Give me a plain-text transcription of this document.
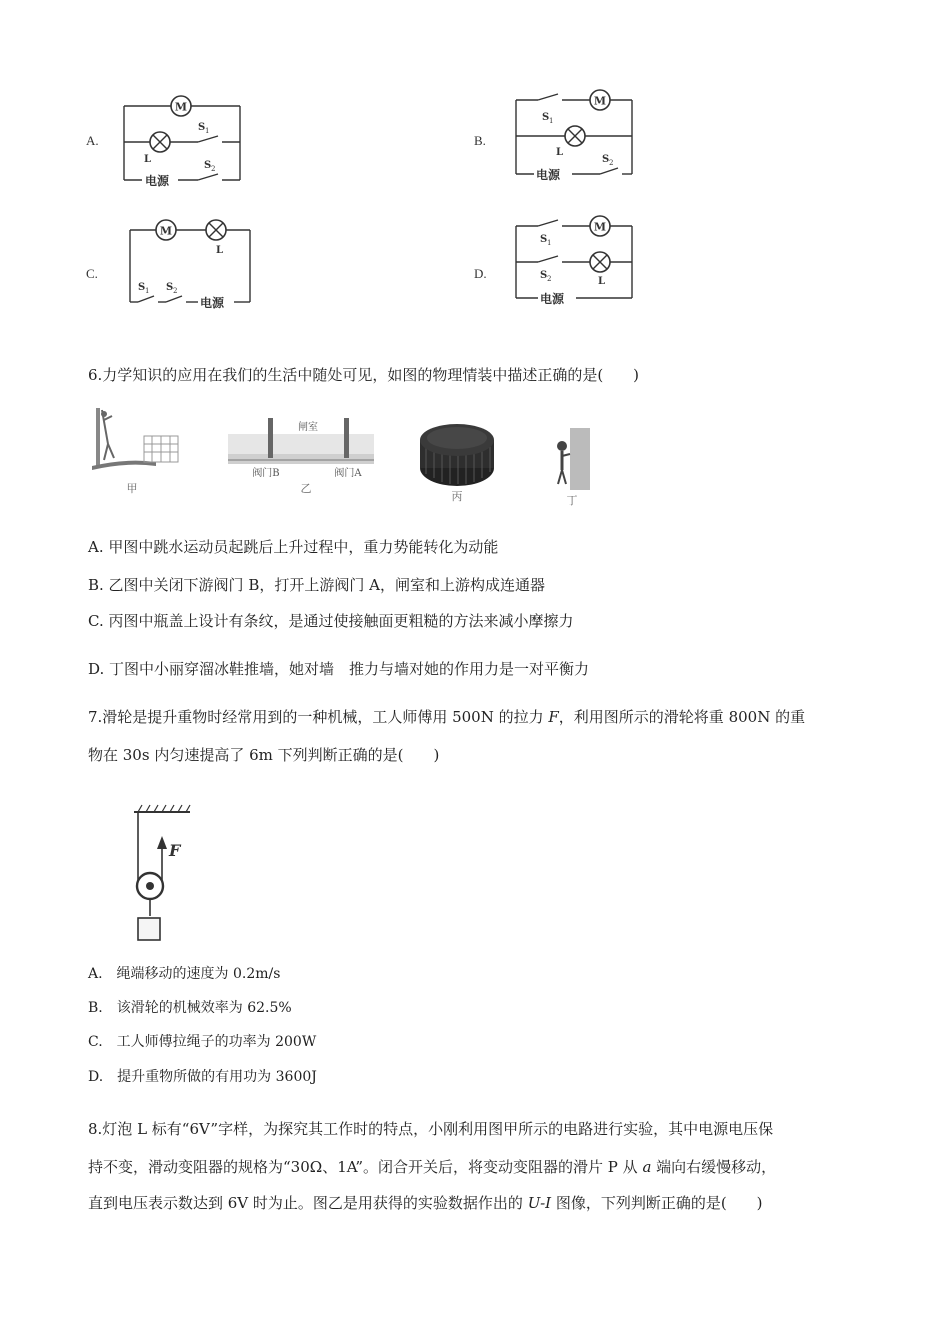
A.
M
L
S 1
S 2
电源
B.
M
L
S 1
S 2
电源
C.
M
L
S 1 S 2
电源
D.
M
L
S 1
S 2
电源
6.力学知识的应用在我们的生活中随处可见，如图的物理情装中描述正确的是(　　)
甲
闸室
阀门B	阀门A
乙
丙	丁
A. 甲图中跳水运动员起跳后上升过程中，重力势能转化为动能
B. 乙图中关闭下游阀门 B，打开上游阀门 A，闸室和上游构成连通器
C. 丙图中瓶盖上设计有条纹，是通过使接触面更粗糙的方法来减小摩擦力
D. 丁图中小丽穿溜冰鞋推墙，她对墙　推力与墙对她的作用力是一对平衡力
7.滑轮是提升重物时经常用到的一种机械，工人师傅用 500N 的拉力 F，利用图所示的滑轮将重 800N 的重
物在 30s 内匀速提高了 6m 下列判断正确的是(　　)
F
A.　绳端移动的速度为 0.2m/s
B.　该滑轮的机械效率为 62.5%
C.　工人师傅拉绳子的功率为 200W
D.　提升重物所做的有用功为 3600J
8.灯泡 L 标有“6V”字样，为探究其工作时的特点，小刚利用图甲所示的电路进行实验，其中电源电压保
持不变，滑动变阻器的规格为“30Ω、1A”。闭合开关后，将变动变阻器的滑片 P 从 a 端向右缓慢移动，
直到电压表示数达到 6V 时为止。图乙是用获得的实验数据作出的 U-I 图像，下列判断正确的是(　　)
